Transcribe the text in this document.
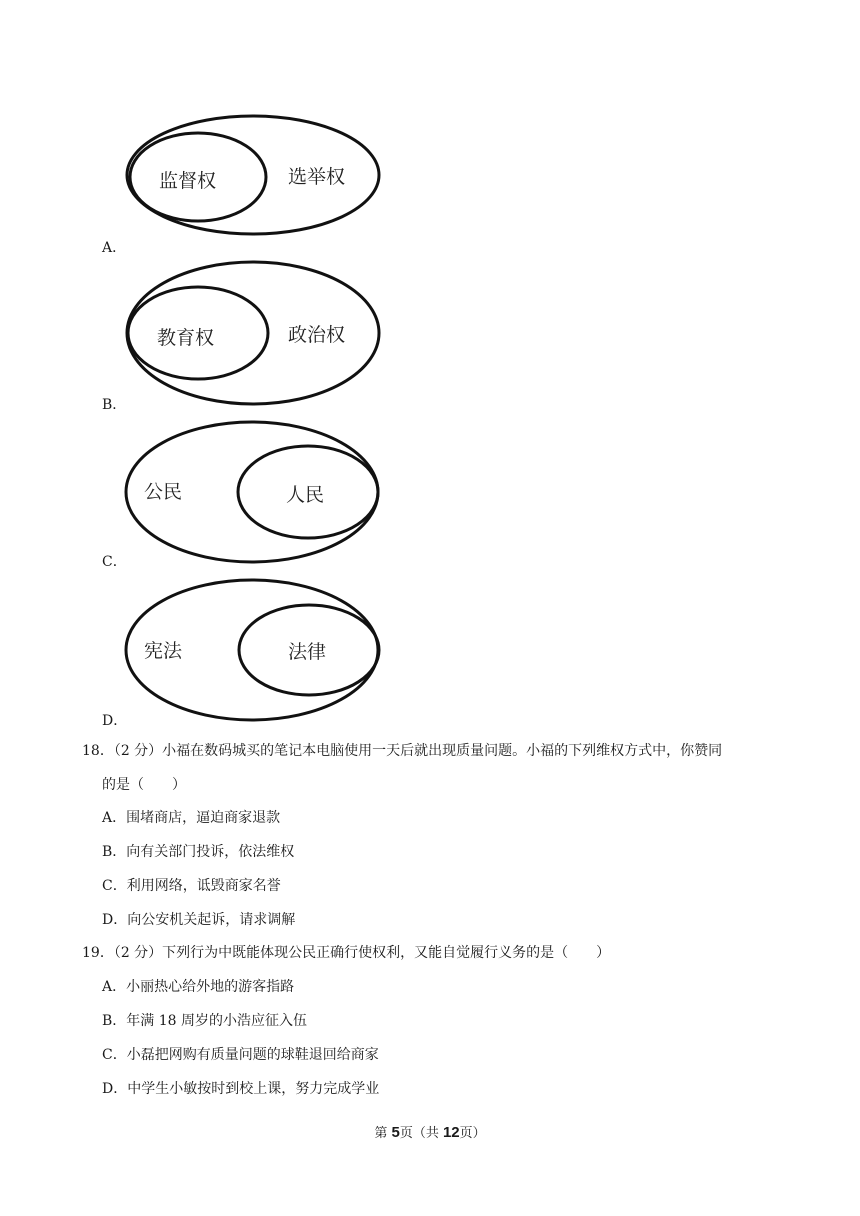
监督权	选举权
A．
教育权	政治权
B．
公民	人民
C．
宪法	法律
D．
18．（2 分）小福在数码城买的笔记本电脑使用一天后就出现质量问题。小福的下列维权方式中，你赞同
的是（　　）
A．围堵商店，逼迫商家退款
B．向有关部门投诉，依法维权
C．利用网络，诋毁商家名誉
D．向公安机关起诉，请求调解
19．（2 分）下列行为中既能体现公民正确行使权利，又能自觉履行义务的是（　　）
A．小丽热心给外地的游客指路
B．年满 18 周岁的小浩应征入伍
C．小磊把网购有质量问题的球鞋退回给商家
D．中学生小敏按时到校上课，努力完成学业
第 5页（共 12页）
